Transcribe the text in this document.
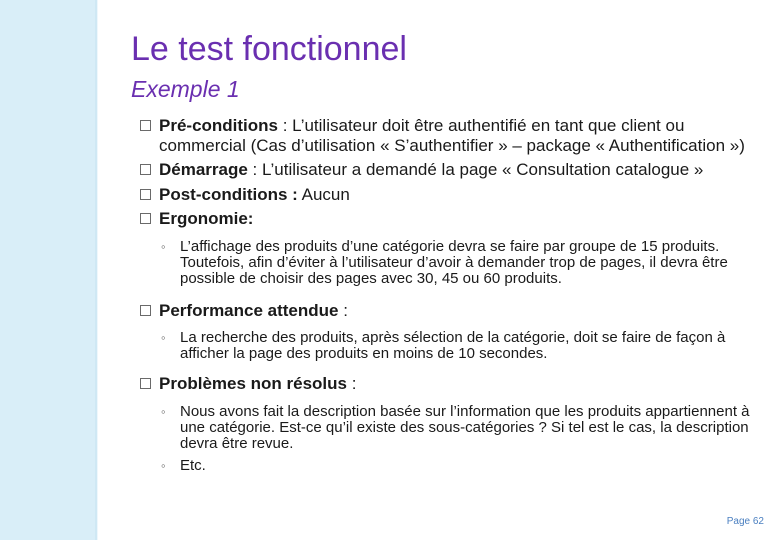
Le test fonctionnel
Exemple 1
Pré-conditions : L’utilisateur doit être authentifié en tant que client ou commercial (Cas d’utilisation « S’authentifier » – package « Authentification »)
Démarrage : L’utilisateur a demandé la page « Consultation catalogue »
Post-conditions : Aucun
Ergonomie:
◦ L’affichage des produits d’une catégorie devra se faire par groupe de 15 produits. Toutefois, afin d’éviter à l’utilisateur d’avoir à demander trop de pages, il devra être possible de choisir des pages avec 30, 45 ou 60 produits.
Performance attendue :
◦ La recherche des produits, après sélection de la catégorie, doit se faire de façon à afficher la page des produits en moins de 10 secondes.
Problèmes non résolus :
◦ Nous avons fait la description basée sur l’information que les produits appartiennent à une catégorie. Est-ce qu’il existe des sous-catégories ? Si tel est le cas, la description devra être revue.
◦ Etc.
Page 62
